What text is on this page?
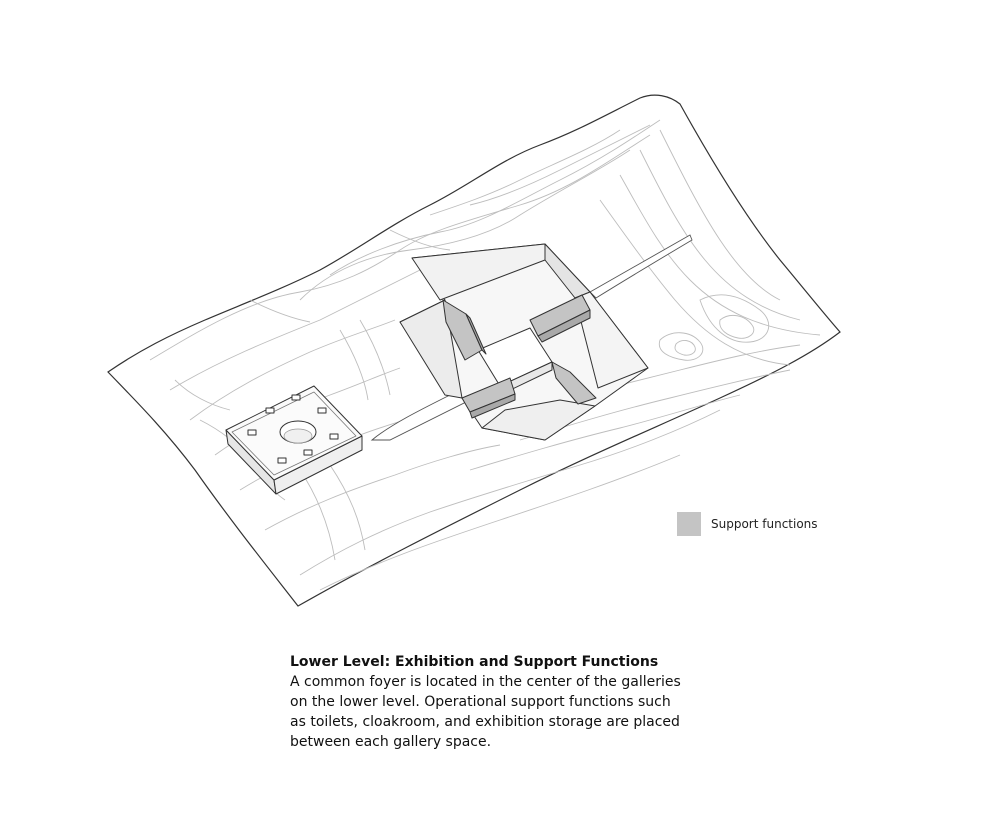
Support functions
Lower Level: Exhibition and Support Functions
A common foyer is located in the center of the galleries
on the lower level. Operational support functions such
as toilets, cloakroom, and exhibition storage are placed
between each gallery space.
